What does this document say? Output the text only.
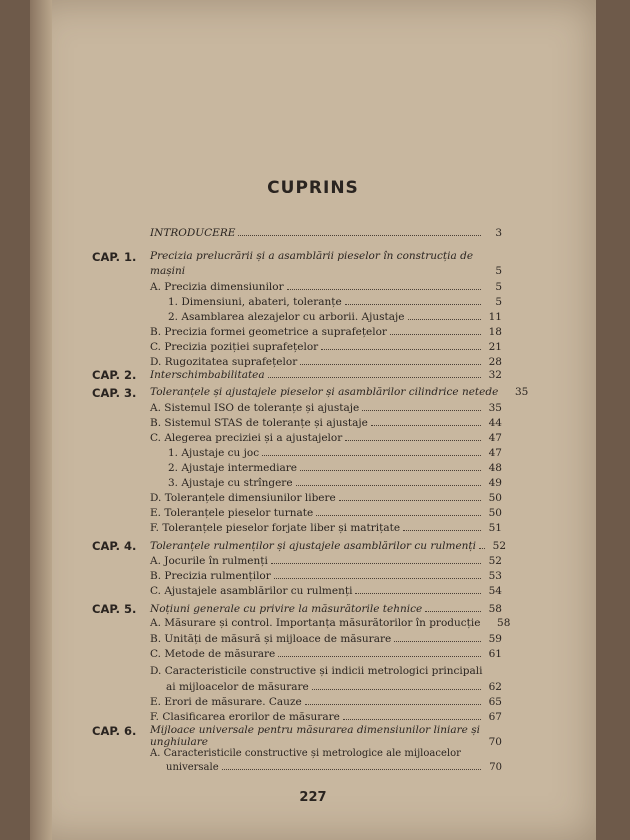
CUPRINS
INTRODUCERE	3
CAP. 1. Precizia prelucrării și a asamblării pieselor în construcția de
mașini	5
A. Precizia dimensiunilor	5
1. Dimensiuni, abateri, toleranțe	5
2. Asamblarea alezajelor cu arborii. Ajustaje	11
B. Precizia formei geometrice a suprafețelor	18
C. Precizia poziției suprafețelor	21
D. Rugozitatea suprafețelor	28
CAP. 2. Interschimbabilitatea	32
CAP. 3. Toleranțele și ajustajele pieselor și asamblărilor cilindrice netede	35
A. Sistemul ISO de toleranțe și ajustaje	35
B. Sistemul STAS de toleranțe și ajustaje	44
C. Alegerea preciziei și a ajustajelor	47
1. Ajustaje cu joc	47
2. Ajustaje intermediare	48
3. Ajustaje cu strîngere	49
D. Toleranțele dimensiunilor libere	50
E. Toleranțele pieselor turnate	50
F. Toleranțele pieselor forjate liber și matrițate	51
CAP. 4. Toleranțele rulmenților și ajustajele asamblărilor cu rulmenți	52
A. Jocurile în rulmenți	52
B. Precizia rulmenților	53
C. Ajustajele asamblărilor cu rulmenți	54
CAP. 5. Noțiuni generale cu privire la măsurătorile tehnice	58
A. Măsurare și control. Importanța măsurătorilor în producție	58
B. Unități de măsură și mijloace de măsurare	59
C. Metode de măsurare	61
D. Caracteristicile constructive și indicii metrologici principali
ai mijloacelor de măsurare	62
E. Erori de măsurare. Cauze	65
F. Clasificarea erorilor de măsurare	67
CAP. 6. Mijloace universale pentru măsurarea dimensiunilor liniare și
unghiulare	70
A. Caracteristicile constructive și metrologice ale mijloacelor
universale	70
227
